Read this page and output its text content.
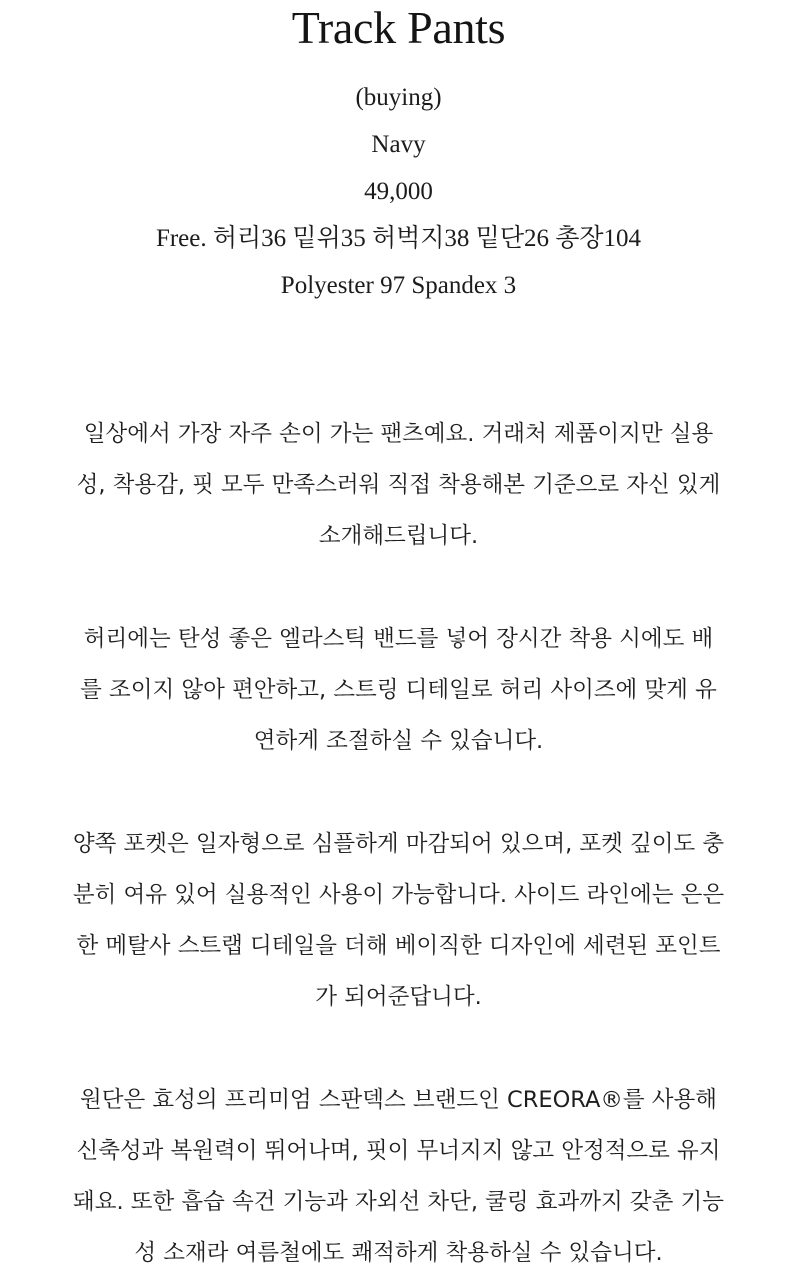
Track Pants
(buying)
Navy
49,000
Free. 허리36 밑위35 허벅지38 밑단26 총장104
Polyester 97 Spandex 3

일상에서 가장 자주 손이 가는 팬츠예요. 거래처 제품이지만 실용
성, 착용감, 핏 모두 만족스러워 직접 착용해본 기준으로 자신 있게
소개해드립니다.

허리에는 탄성 좋은 엘라스틱 밴드를 넣어 장시간 착용 시에도 배
를 조이지 않아 편안하고, 스트링 디테일로 허리 사이즈에 맞게 유
연하게 조절하실 수 있습니다.

양쪽 포켓은 일자형으로 심플하게 마감되어 있으며, 포켓 깊이도 충
분히 여유 있어 실용적인 사용이 가능합니다. 사이드 라인에는 은은
한 메탈사 스트랩 디테일을 더해 베이직한 디자인에 세련된 포인트
가 되어준답니다.

원단은 효성의 프리미엄 스판덱스 브랜드인 CREORA®를 사용해
신축성과 복원력이 뛰어나며, 핏이 무너지지 않고 안정적으로 유지
돼요. 또한 흡습 속건 기능과 자외선 차단, 쿨링 효과까지 갖춘 기능
성 소재라 여름철에도 쾌적하게 착용하실 수 있습니다.
